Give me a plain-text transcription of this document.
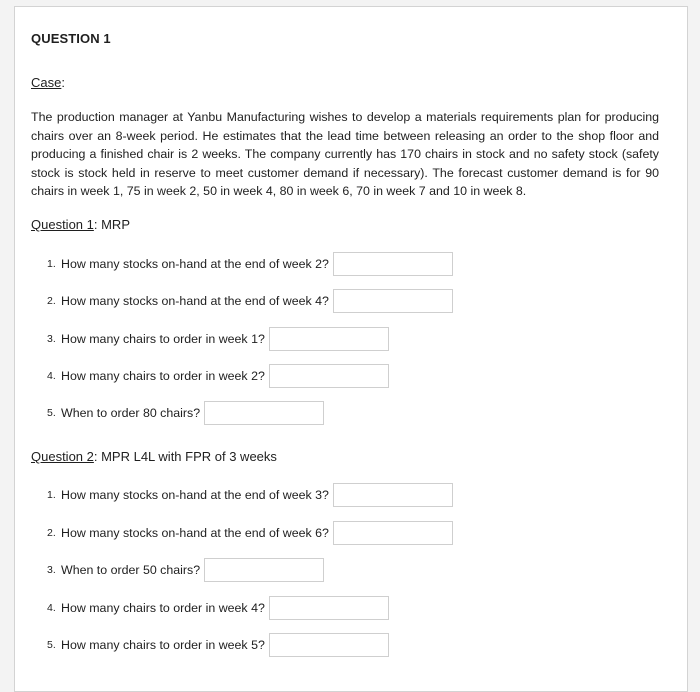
QUESTION 1
Case:
The production manager at Yanbu Manufacturing wishes to develop a materials requirements plan for producing chairs over an 8-week period. He estimates that the lead time between releasing an order to the shop floor and producing a finished chair is 2 weeks. The company currently has 170 chairs in stock and no safety stock (safety stock is stock held in reserve to meet customer demand if necessary). The forecast customer demand is for 90 chairs in week 1, 75 in week 2, 50 in week 4, 80 in week 6, 70 in week 7 and 10 in week 8.
Question 1: MRP
1. How many stocks on-hand at the end of week 2?
2. How many stocks on-hand at the end of week 4?
3. How many chairs to order in week 1?
4. How many chairs to order in week 2?
5. When to order 80 chairs?
Question 2: MPR L4L with FPR of 3 weeks
1. How many stocks on-hand at the end of week 3?
2. How many stocks on-hand at the end of week 6?
3. When to order 50 chairs?
4. How many chairs to order in week 4?
5. How many chairs to order in week 5?
